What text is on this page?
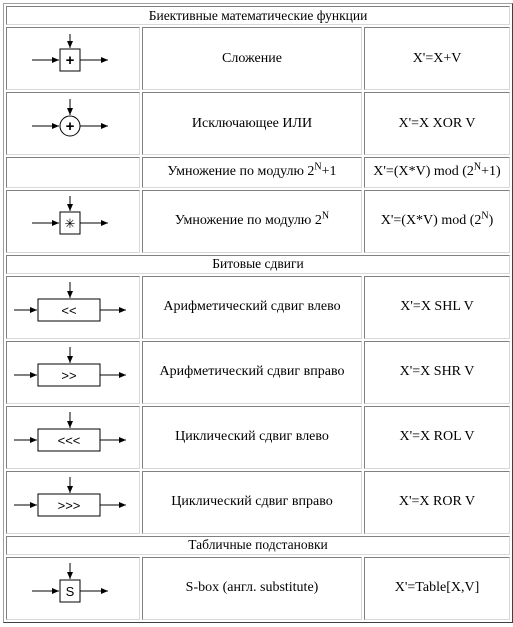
Биективные математические функции		

+	Сложение	X'=X+V

+	Исключающее ИЛИ	X'=X XOR V
	Умножение по модулю $2^N+1$	X'=(X*V) mod $(2^N+1)$

✳	Умножение по модулю $2^N$	X'=(X*V) mod $(2^N)$
Битовые сдвиги		

<<	Арифметический сдвиг влево	X'=X SHL V

>>	Арифметический сдвиг вправо	X'=X SHR V

<<<	Циклический сдвиг влево	X'=X ROL V

>>>	Циклический сдвиг вправо	X'=X ROR V
Табличные подстановки		

S	S-box (англ. substitute)	X'=Table[X,V]
